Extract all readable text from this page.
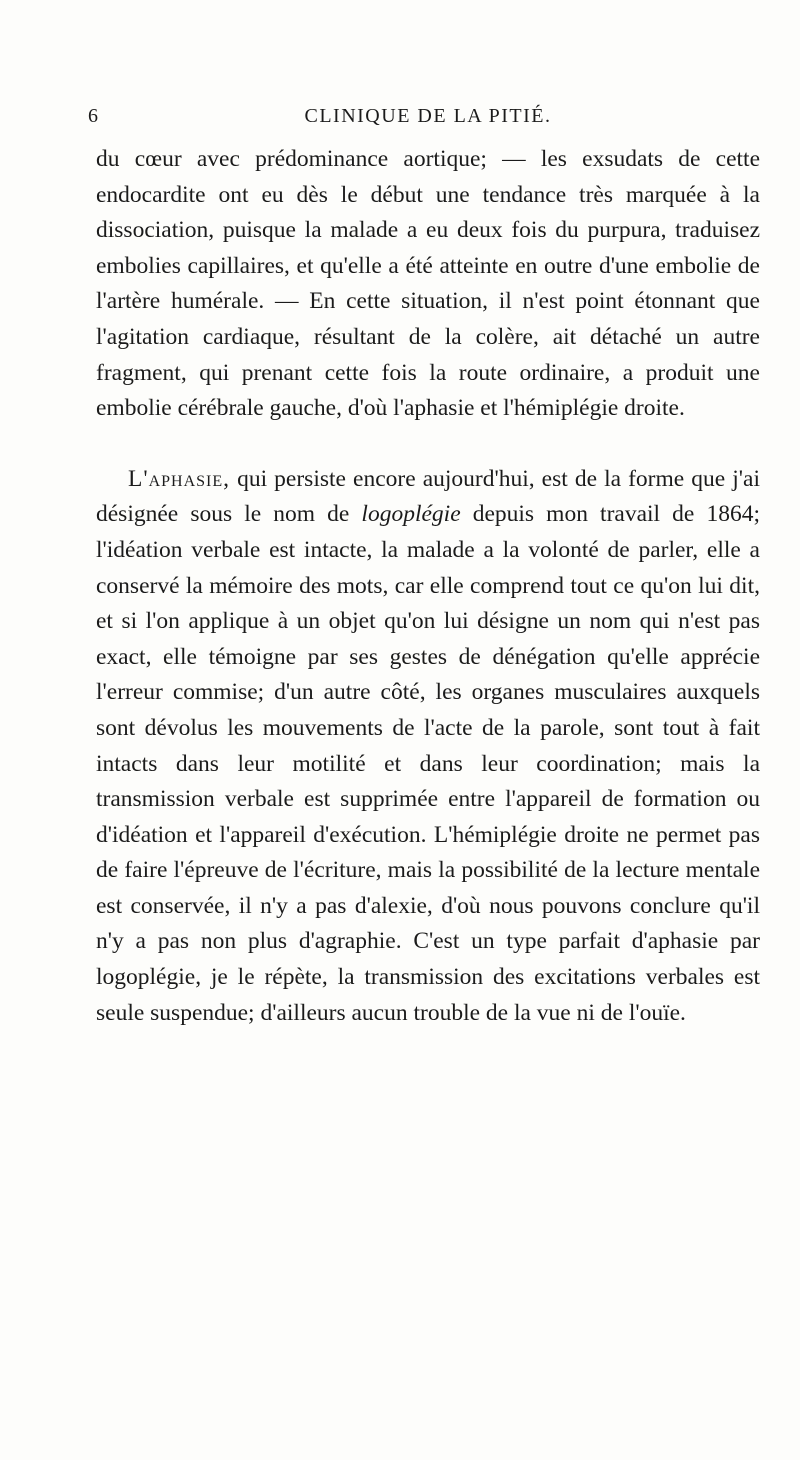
6	CLINIQUE DE LA PITIÉ.

du cœur avec prédominance aortique; — les exsudats de cette endocardite ont eu dès le début une tendance très marquée à la dissociation, puisque la malade a eu deux fois du purpura, traduisez embolies capillaires, et qu'elle a été atteinte en outre d'une embolie de l'artère humérale. — En cette situation, il n'est point étonnant que l'agitation cardiaque, résultant de la colère, ait détaché un autre fragment, qui prenant cette fois la route ordinaire, a produit une embolie cérébrale gauche, d'où l'aphasie et l'hémiplégie droite.

L'aphasie, qui persiste encore aujourd'hui, est de la forme que j'ai désignée sous le nom de logoplégie depuis mon travail de 1864; l'idéation verbale est intacte, la malade a la volonté de parler, elle a conservé la mémoire des mots, car elle comprend tout ce qu'on lui dit, et si l'on applique à un objet qu'on lui désigne un nom qui n'est pas exact, elle témoigne par ses gestes de dénégation qu'elle apprécie l'erreur commise; d'un autre côté, les organes musculaires auxquels sont dévolus les mouvements de l'acte de la parole, sont tout à fait intacts dans leur motilité et dans leur coordination; mais la transmission verbale est supprimée entre l'appareil de formation ou d'idéation et l'appareil d'exécution. L'hémiplégie droite ne permet pas de faire l'épreuve de l'écriture, mais la possibilité de la lecture mentale est conservée, il n'y a pas d'alexie, d'où nous pouvons conclure qu'il n'y a pas non plus d'agraphie. C'est un type parfait d'aphasie par logoplégie, je le répète, la transmission des excitations verbales est seule suspendue; d'ailleurs aucun trouble de la vue ni de l'ouïe.
